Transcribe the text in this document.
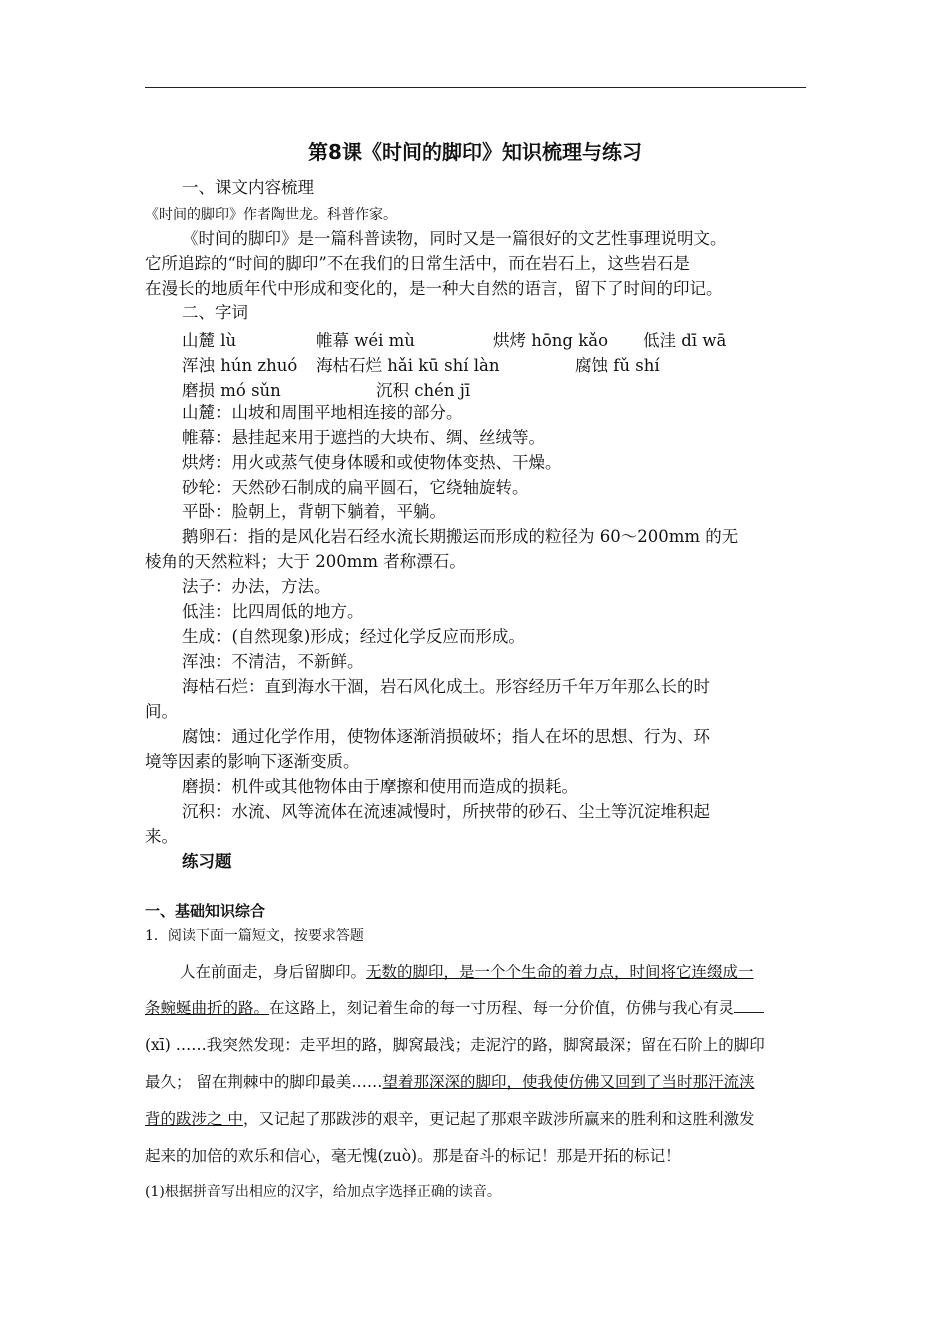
第8课《时间的脚印》知识梳理与练习
一、课文内容梳理
《时间的脚印》作者陶世龙。科普作家。
《时间的脚印》是一篇科普读物，同时又是一篇很好的文艺性事理说明文。
它所追踪的“时间的脚印”不在我们的日常生活中，而在岩石上，这些岩石是
在漫长的地质年代中形成和变化的，是一种大自然的语言，留下了时间的印记。
二、字词
山麓 lù	帷幕 wéi mù	烘烤 hōng kǎo 低洼 dī wā
浑浊 hún zhuó 海枯石烂 hǎi kū shí làn	腐蚀 fǔ shí
磨损 mó sǔn	沉积 chén jī
山麓：山坡和周围平地相连接的部分。
帷幕：悬挂起来用于遮挡的大块布、绸、丝绒等。
烘烤：用火或蒸气使身体暖和或使物体变热、干燥。
砂轮：天然砂石制成的扁平圆石，它绕轴旋转。
平卧：脸朝上，背朝下躺着，平躺。
鹅卵石：指的是风化岩石经水流长期搬运而形成的粒径为 60～200mm 的无
棱角的天然粒料；大于 200mm 者称漂石。
法子：办法，方法。
低洼：比四周低的地方。
生成：(自然现象)形成；经过化学反应而形成。
浑浊：不清洁，不新鲜。
海枯石烂：直到海水干涸，岩石风化成土。形容经历千年万年那么长的时
间。
腐蚀：通过化学作用，使物体逐渐消损破坏；指人在坏的思想、行为、环
境等因素的影响下逐渐变质。
磨损：机件或其他物体由于摩擦和使用而造成的损耗。
沉积：水流、风等流体在流速减慢时，所挟带的砂石、尘土等沉淀堆积起
来。
练习题
一、基础知识综合
1．阅读下面一篇短文，按要求答题
人在前面走，身后留脚印。无数的脚印，是一个个生命的着力点，时间将它连缀成一
条蜿蜒曲折的路。在这路上，刻记着生命的每一寸历程、每一分价值，仿佛与我心有灵
(xī) ……我突然发现：走平坦的路，脚窝最浅；走泥泞的路，脚窝最深；留在石阶上的脚印
最久； 留在荆棘中的脚印最美……望着那深深的脚印，使我使仿佛又回到了当时那汗流浃
背的跋涉之 中，又记起了那跋涉的艰辛，更记起了那艰辛跋涉所赢来的胜利和这胜利激发
起来的加倍的欢乐和信心，毫无愧(zuò)。那是奋斗的标记！那是开拓的标记！
(1)根据拼音写出相应的汉字，给加点字选择正确的读音。
